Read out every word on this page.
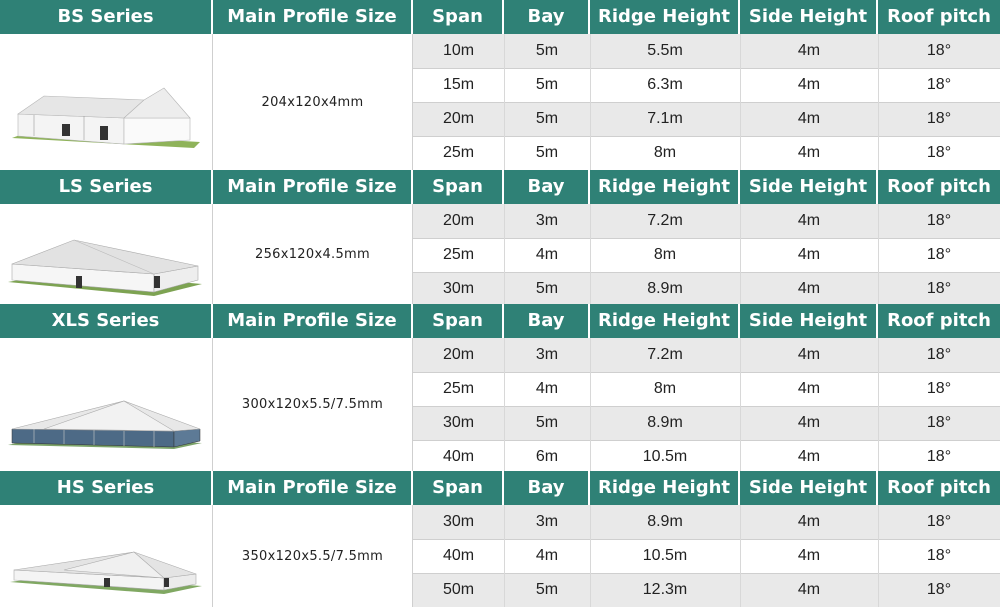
BS Series	Main Profile Size	Span	Bay	Ridge Height	Side Height	Roof pitch
204x120x4mm
10m	5m	5.5m	4m	18°
15m	5m	6.3m	4m	18°
20m	5m	7.1m	4m	18°
25m	5m	8m	4m	18°
LS Series	Main Profile Size	Span	Bay	Ridge Height	Side Height	Roof pitch
256x120x4.5mm
20m	3m	7.2m	4m	18°
25m	4m	8m	4m	18°
30m	5m	8.9m	4m	18°
XLS Series	Main Profile Size	Span	Bay	Ridge Height	Side Height	Roof pitch
300x120x5.5/7.5mm
20m	3m	7.2m	4m	18°
25m	4m	8m	4m	18°
30m	5m	8.9m	4m	18°
40m	6m	10.5m	4m	18°
HS Series	Main Profile Size	Span	Bay	Ridge Height	Side Height	Roof pitch
350x120x5.5/7.5mm
30m	3m	8.9m	4m	18°
40m	4m	10.5m	4m	18°
50m	5m	12.3m	4m	18°
